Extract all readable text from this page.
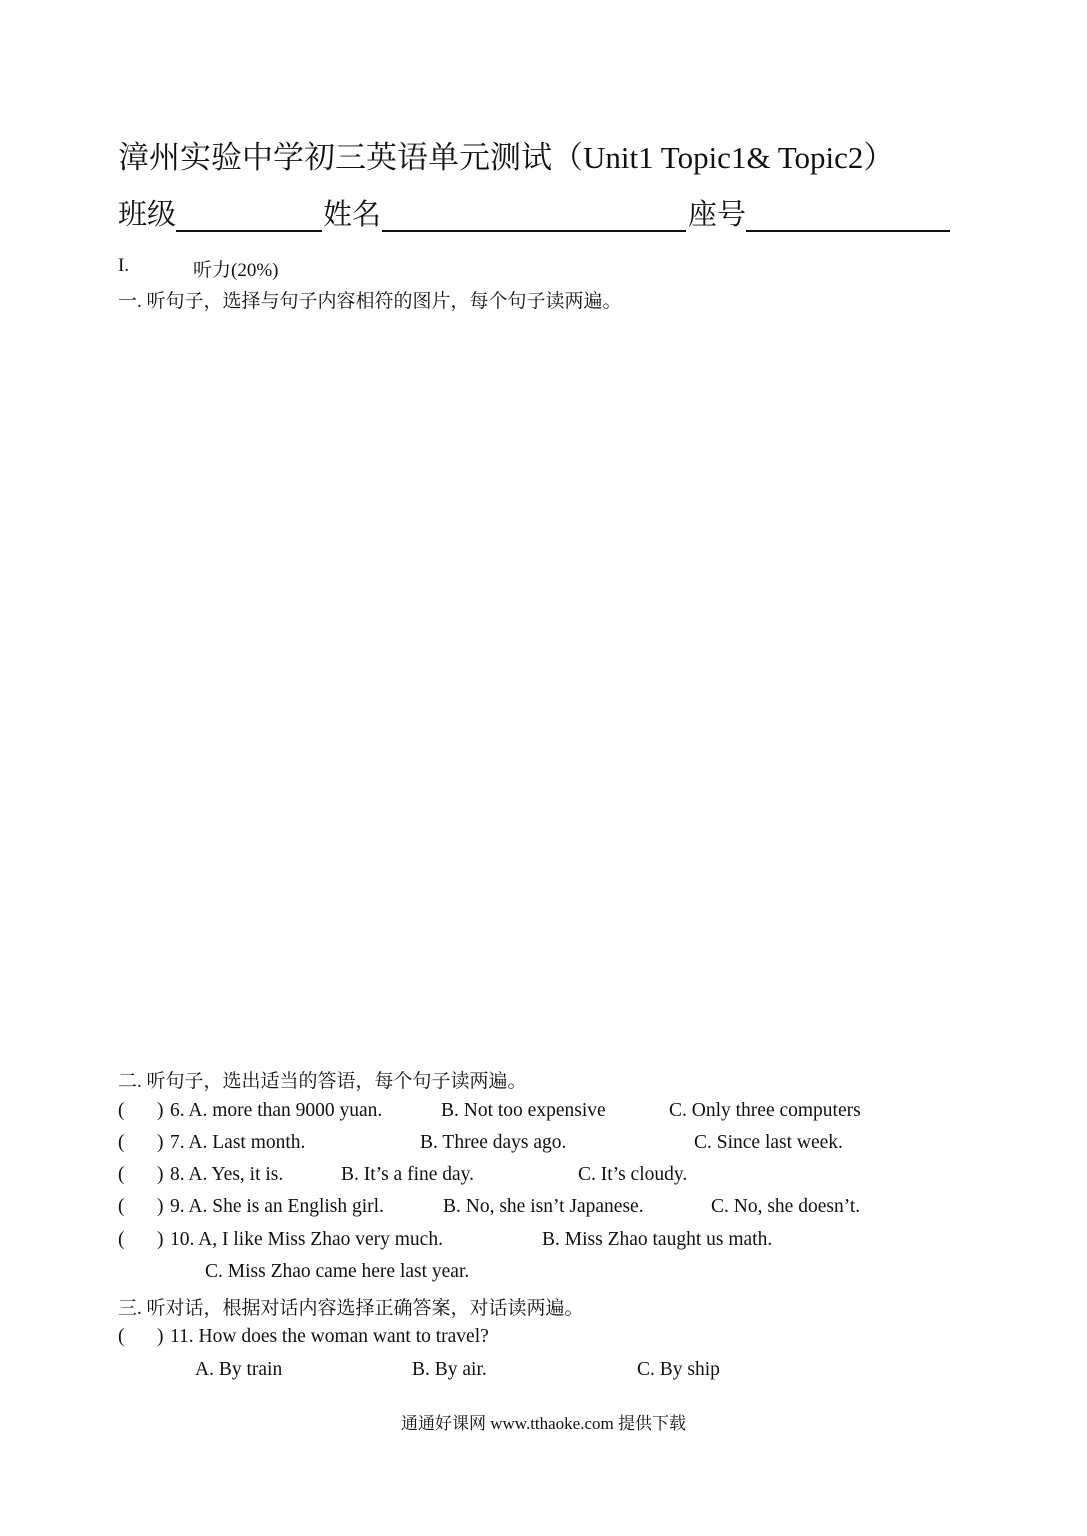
漳州实验中学初三英语单元测试（Unit1 Topic1& Topic2）
班级	姓名	座号
I.	听力(20%)
一. 听句子，选择与句子内容相符的图片，每个句子读两遍。
二. 听句子，选出适当的答语，每个句子读两遍。
( ) 6. A. more than 9000 yuan.	B. Not too expensive	C. Only three computers
( ) 7. A. Last month.	B. Three days ago.	C. Since last week.
( ) 8. A. Yes, it is.	B. It’s a fine day.	C. It’s cloudy.
( ) 9. A. She is an English girl.	B. No, she isn’t Japanese.	C. No, she doesn’t.
( ) 10. A, I like Miss Zhao very much.	B. Miss Zhao taught us math.
C. Miss Zhao came here last year.
三. 听对话，根据对话内容选择正确答案，对话读两遍。
( ) 11. How does the woman want to travel?
A. By train	B. By air.	C. By ship
通通好课网 www.tthaoke.com 提供下载
